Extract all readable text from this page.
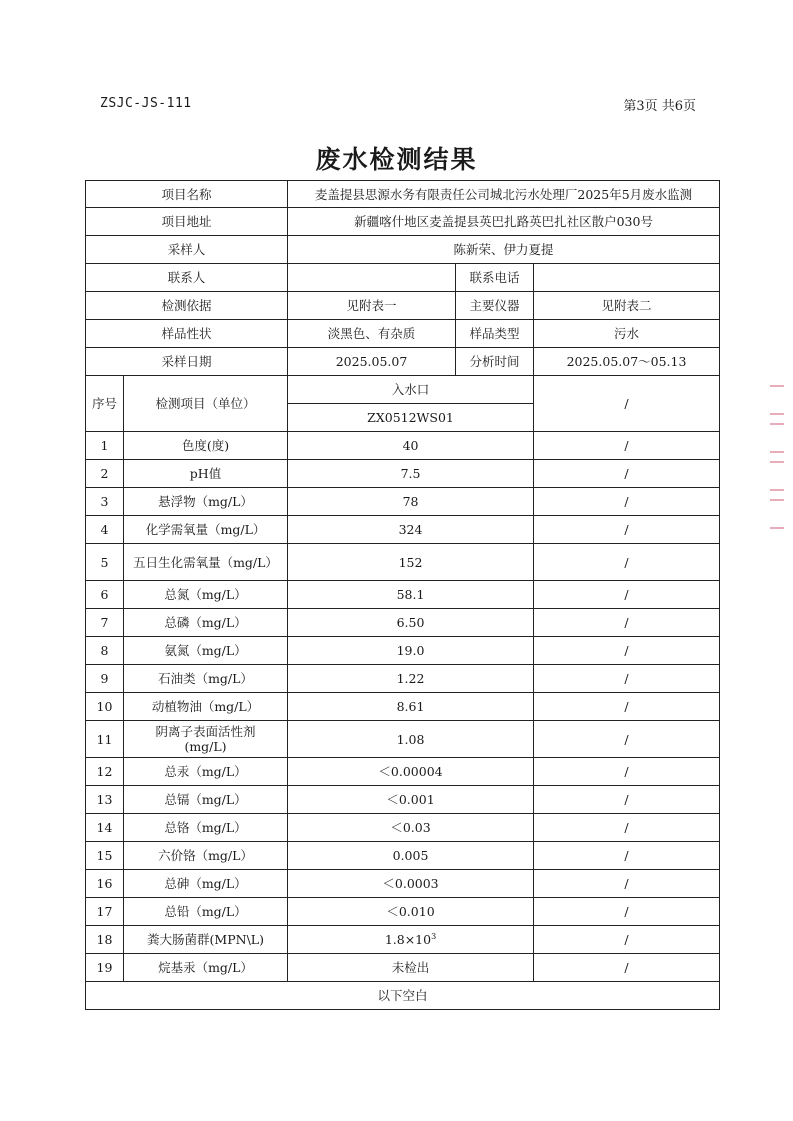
ZSJC-JS-111	第3页 共6页
废水检测结果
项目名称	麦盖提县思源水务有限责任公司城北污水处理厂2025年5月废水监测
项目地址	新疆喀什地区麦盖提县英巴扎路英巴扎社区散户030号
采样人	陈新荣、伊力夏提
联系人			联系电话	
检测依据		见附表一	主要仪器	见附表二
样品性状		淡黑色、有杂质	样品类型	污水
采样日期		2025.05.07	分析时间	2025.05.07～05.13
序号	检测项目（单位）	入水口		/
		ZX0512WS01		
1	色度(度)	40		/
2	pH值	7.5		/
3	悬浮物（mg/L）	78		/
4	化学需氧量（mg/L）	324		/
5	五日生化需氧量（mg/L）	152		/
6	总氮（mg/L）	58.1		/
7	总磷（mg/L）	6.50		/
8	氨氮（mg/L）	19.0		/
9	石油类（mg/L）	1.22		/
10	动植物油（mg/L）	8.61		/
11	阴离子表面活性剂
(mg/L)	1.08		/
12	总汞（mg/L）	＜0.00004		/
13	总镉（mg/L）	＜0.001		/
14	总铬（mg/L）	＜0.03		/
15	六价铬（mg/L）	0.005		/
16	总砷（mg/L）	＜0.0003		/
17	总铅（mg/L）	＜0.010		/
18	粪大肠菌群(MPN\L)	$1.8\times 10^3$		/
19	烷基汞（mg/L）	未检出		/
以下空白				
